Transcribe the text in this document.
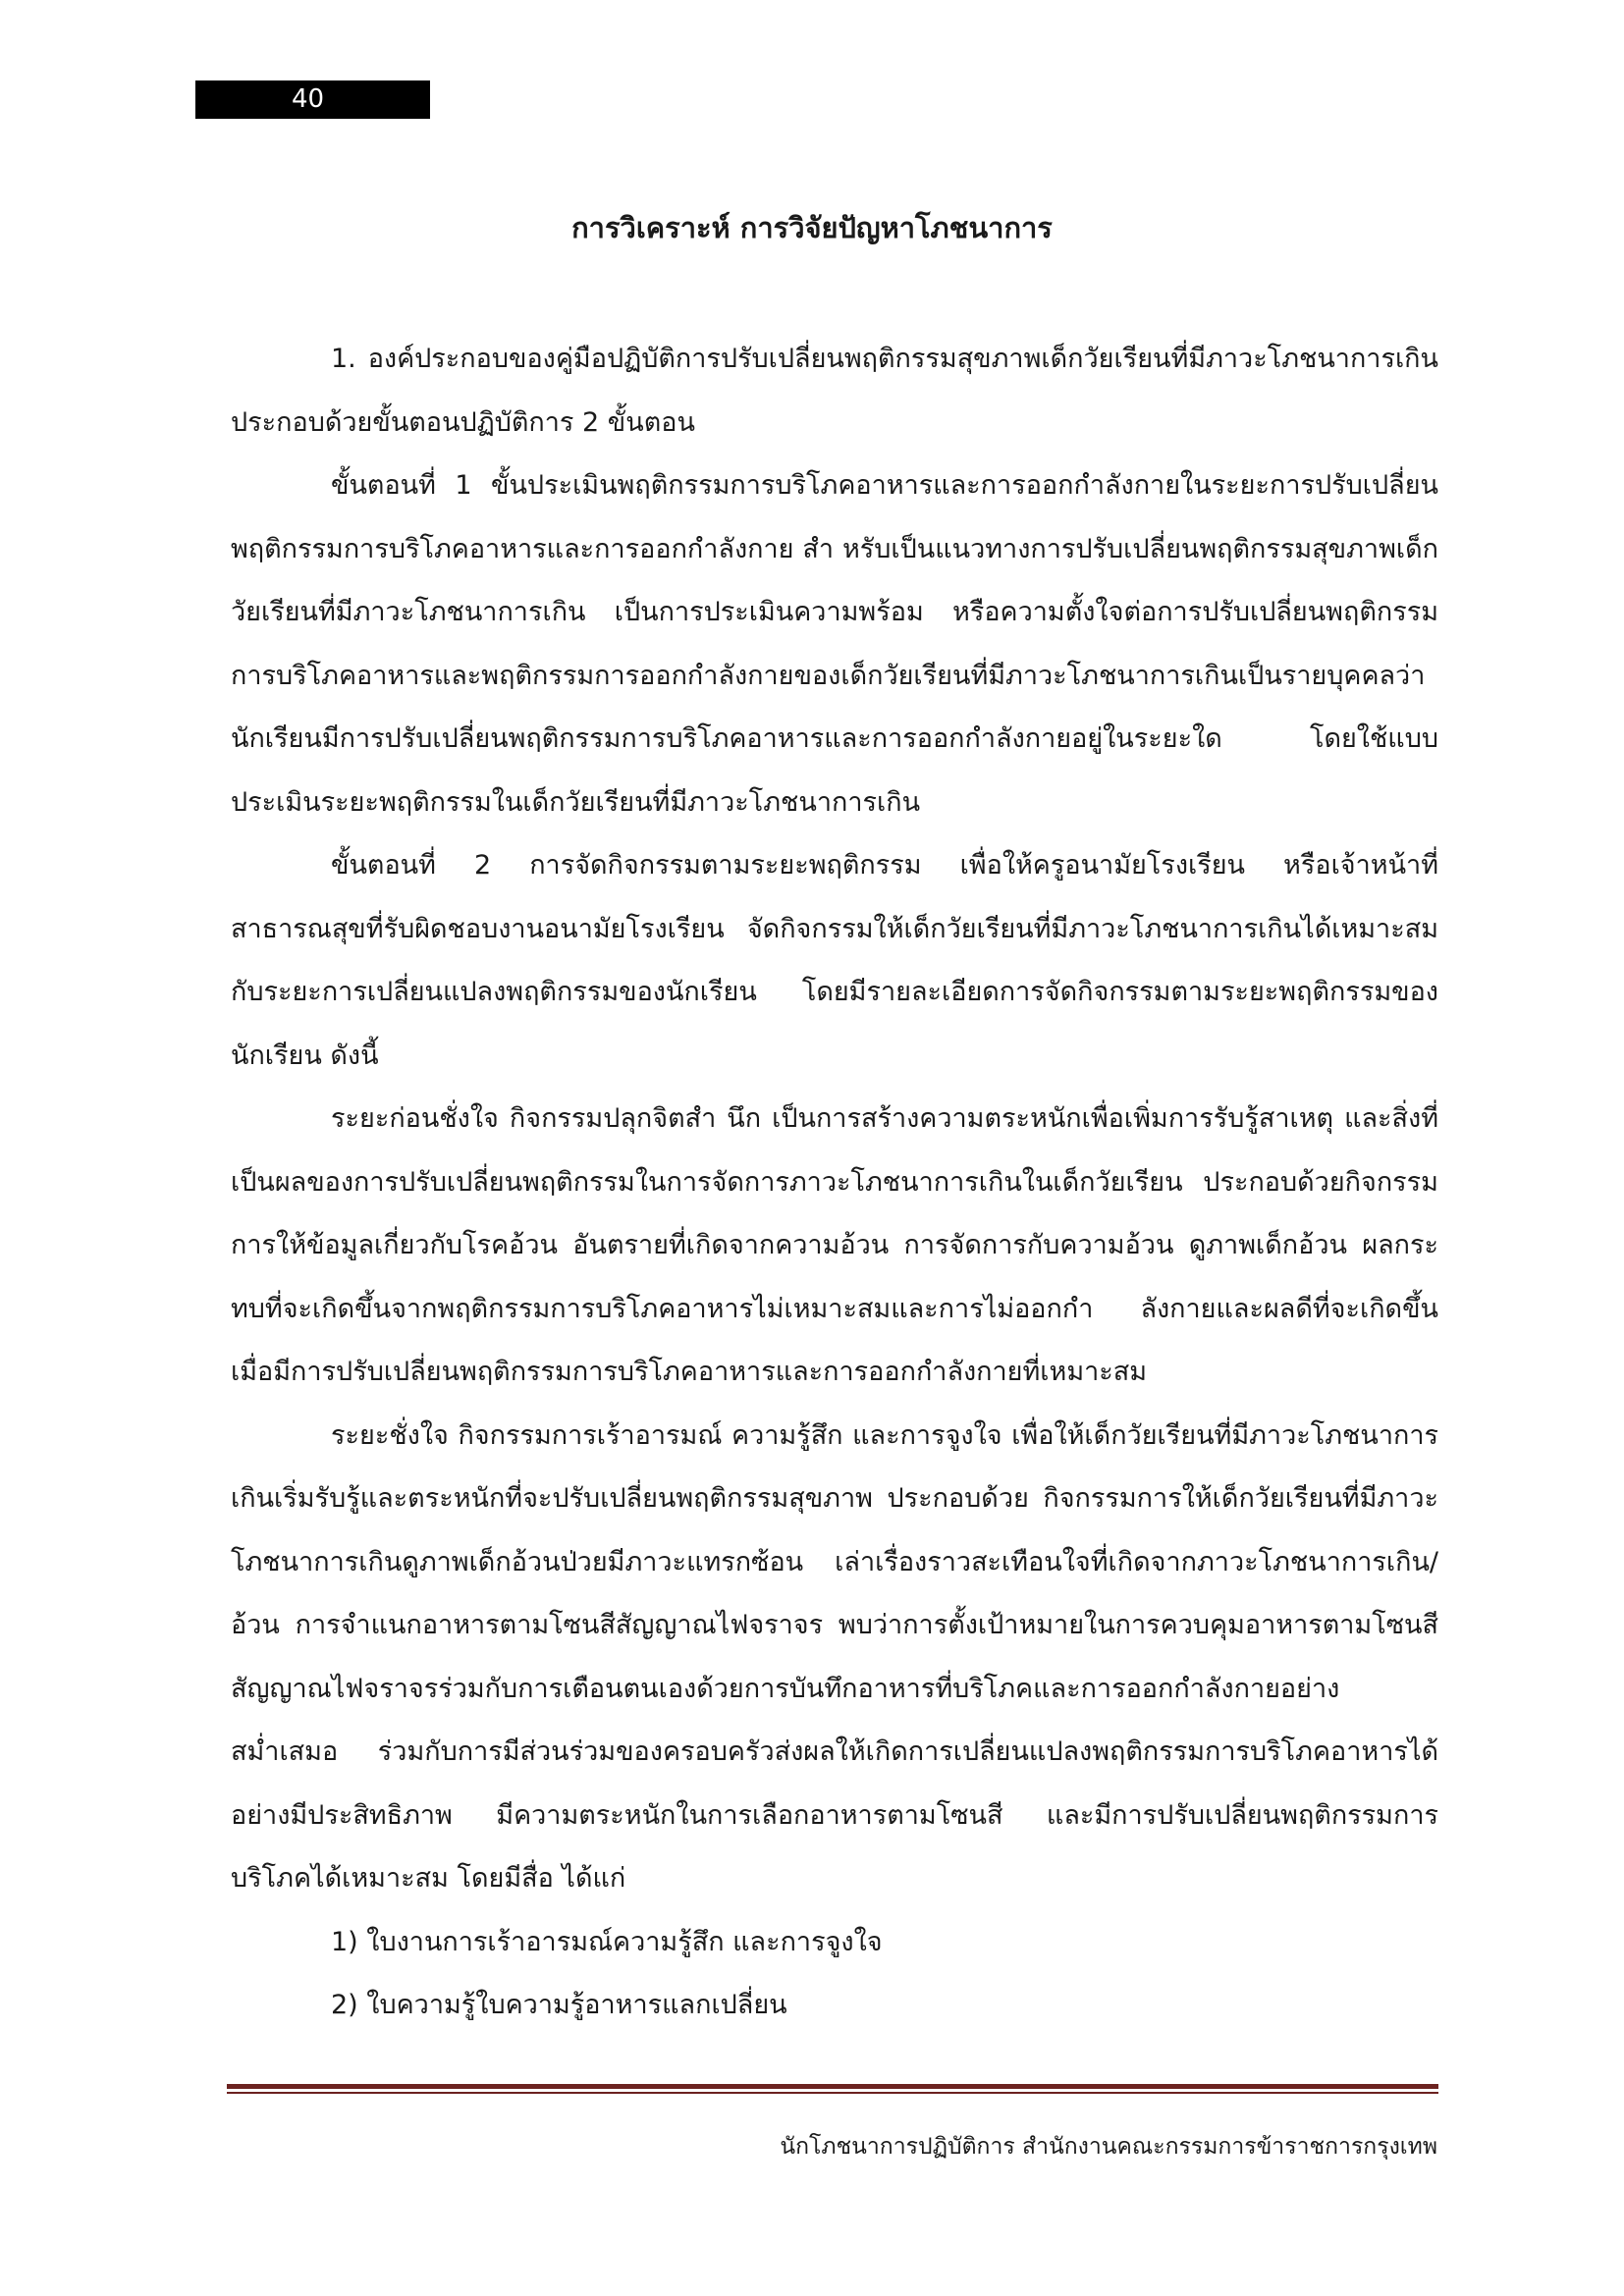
40
การวิเคราะห์ การวิจัยปัญหาโภชนาการ

1. องค์ประกอบของคู่มือปฏิบัติการปรับเปลี่ยนพฤติกรรมสุขภาพเด็กวัยเรียนที่มีภาวะโภชนาการเกินประกอบด้วยขั้นตอนปฏิบัติการ 2 ขั้นตอน

ขั้นตอนที่ 1 ขั้นประเมินพฤติกรรมการบริโภคอาหารและการออกกำลังกายในระยะการปรับเปลี่ยนพฤติกรรมการบริโภคอาหารและการออกกำลังกาย สำ หรับเป็นแนวทางการปรับเปลี่ยนพฤติกรรมสุขภาพเด็กวัยเรียนที่มีภาวะโภชนาการเกิน เป็นการประเมินความพร้อม หรือความตั้งใจต่อการปรับเปลี่ยนพฤติกรรมการบริโภคอาหารและพฤติกรรมการออกกำลังกายของเด็กวัยเรียนที่มีภาวะโภชนาการเกินเป็นรายบุคคลว่า นักเรียนมีการปรับเปลี่ยนพฤติกรรมการบริโภคอาหารและการออกกำลังกายอยู่ในระยะใด โดยใช้แบบประเมินระยะพฤติกรรมในเด็กวัยเรียนที่มีภาวะโภชนาการเกิน

ขั้นตอนที่ 2 การจัดกิจกรรมตามระยะพฤติกรรม เพื่อให้ครูอนามัยโรงเรียน หรือเจ้าหน้าที่สาธารณสุขที่รับผิดชอบงานอนามัยโรงเรียน จัดกิจกรรมให้เด็กวัยเรียนที่มีภาวะโภชนาการเกินได้เหมาะสมกับระยะการเปลี่ยนแปลงพฤติกรรมของนักเรียน โดยมีรายละเอียดการจัดกิจกรรมตามระยะพฤติกรรมของนักเรียน ดังนี้

ระยะก่อนชั่งใจ กิจกรรมปลุกจิตสำ นึก เป็นการสร้างความตระหนักเพื่อเพิ่มการรับรู้สาเหตุ และสิ่งที่เป็นผลของการปรับเปลี่ยนพฤติกรรมในการจัดการภาวะโภชนาการเกินในเด็กวัยเรียน ประกอบด้วยกิจกรรมการให้ข้อมูลเกี่ยวกับโรคอ้วน อันตรายที่เกิดจากความอ้วน การจัดการกับความอ้วน ดูภาพเด็กอ้วน ผลกระทบที่จะเกิดขึ้นจากพฤติกรรมการบริโภคอาหารไม่เหมาะสมและการไม่ออกกำ ลังกายและผลดีที่จะเกิดขึ้นเมื่อมีการปรับเปลี่ยนพฤติกรรมการบริโภคอาหารและการออกกำลังกายที่เหมาะสม

ระยะชั่งใจ กิจกรรมการเร้าอารมณ์ ความรู้สึก และการจูงใจ เพื่อให้เด็กวัยเรียนที่มีภาวะโภชนาการเกินเริ่มรับรู้และตระหนักที่จะปรับเปลี่ยนพฤติกรรมสุขภาพ ประกอบด้วย กิจกรรมการให้เด็กวัยเรียนที่มีภาวะโภชนาการเกินดูภาพเด็กอ้วนป่วยมีภาวะแทรกซ้อน เล่าเรื่องราวสะเทือนใจที่เกิดจากภาวะโภชนาการเกิน/อ้วน การจำแนกอาหารตามโซนสีสัญญาณไฟจราจร พบว่าการตั้งเป้าหมายในการควบคุมอาหารตามโซนสีสัญญาณไฟจราจรร่วมกับการเตือนตนเองด้วยการบันทึกอาหารที่บริโภคและการออกกำลังกายอย่างสม่ำเสมอ ร่วมกับการมีส่วนร่วมของครอบครัวส่งผลให้เกิดการเปลี่ยนแปลงพฤติกรรมการบริโภคอาหารได้อย่างมีประสิทธิภาพ มีความตระหนักในการเลือกอาหารตามโซนสี และมีการปรับเปลี่ยนพฤติกรรมการบริโภคได้เหมาะสม โดยมีสื่อ ได้แก่

1) ใบงานการเร้าอารมณ์ความรู้สึก และการจูงใจ

2) ใบความรู้ใบความรู้อาหารแลกเปลี่ยน

นักโภชนาการปฏิบัติการ สำนักงานคณะกรรมการข้าราชการกรุงเทพ
